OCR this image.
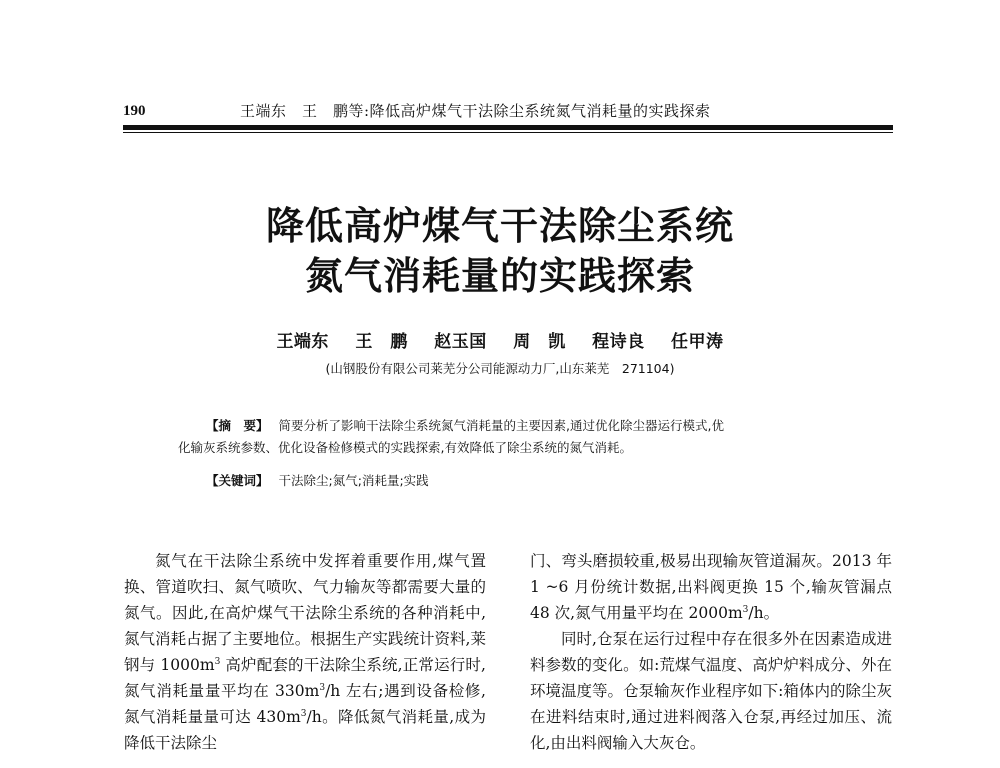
190	王端东　王　鹏等:降低高炉煤气干法除尘系统氮气消耗量的实践探索
降低高炉煤气干法除尘系统
氮气消耗量的实践探索
王端东 王　鹏 赵玉国 周　凯 程诗良 任甲涛
(山钢股份有限公司莱芜分公司能源动力厂,山东莱芜　271104)

【摘　要】 简要分析了影响干法除尘系统氮气消耗量的主要因素,通过优化除尘器运行模式,优

化输灰系统参数、优化设备检修模式的实践探索,有效降低了除尘系统的氮气消耗。

【关键词】 干法除尘;氮气;消耗量;实践

氮气在干法除尘系统中发挥着重要作用,煤气置换、管道吹扫、氮气喷吹、气力输灰等都需要大量的氮气。因此,在高炉煤气干法除尘系统的各种消耗中,氮气消耗占据了主要地位。根据生产实践统计资料,莱钢与 $1000m^3$ 高炉配套的干法除尘系统,正常运行时,氮气消耗量量平均在 $330m^3/h$ 左右;遇到设备检修,氮气消耗量量可达 $430m^3/h$。降低氮气消耗量,成为降低干法除尘

门、弯头磨损较重,极易出现输灰管道漏灰。2013 年 1 ~6 月份统计数据,出料阀更换 15 个,输灰管漏点 48 次,氮气用量平均在 $2000m^3/h$。

同时,仓泵在运行过程中存在很多外在因素造成进料参数的变化。如:荒煤气温度、高炉炉料成分、外在环境温度等。仓泵输灰作业程序如下:箱体内的除尘灰在进料结束时,通过进料阀落入仓泵,再经过加压、流化,由出料阀输入大灰仓。
